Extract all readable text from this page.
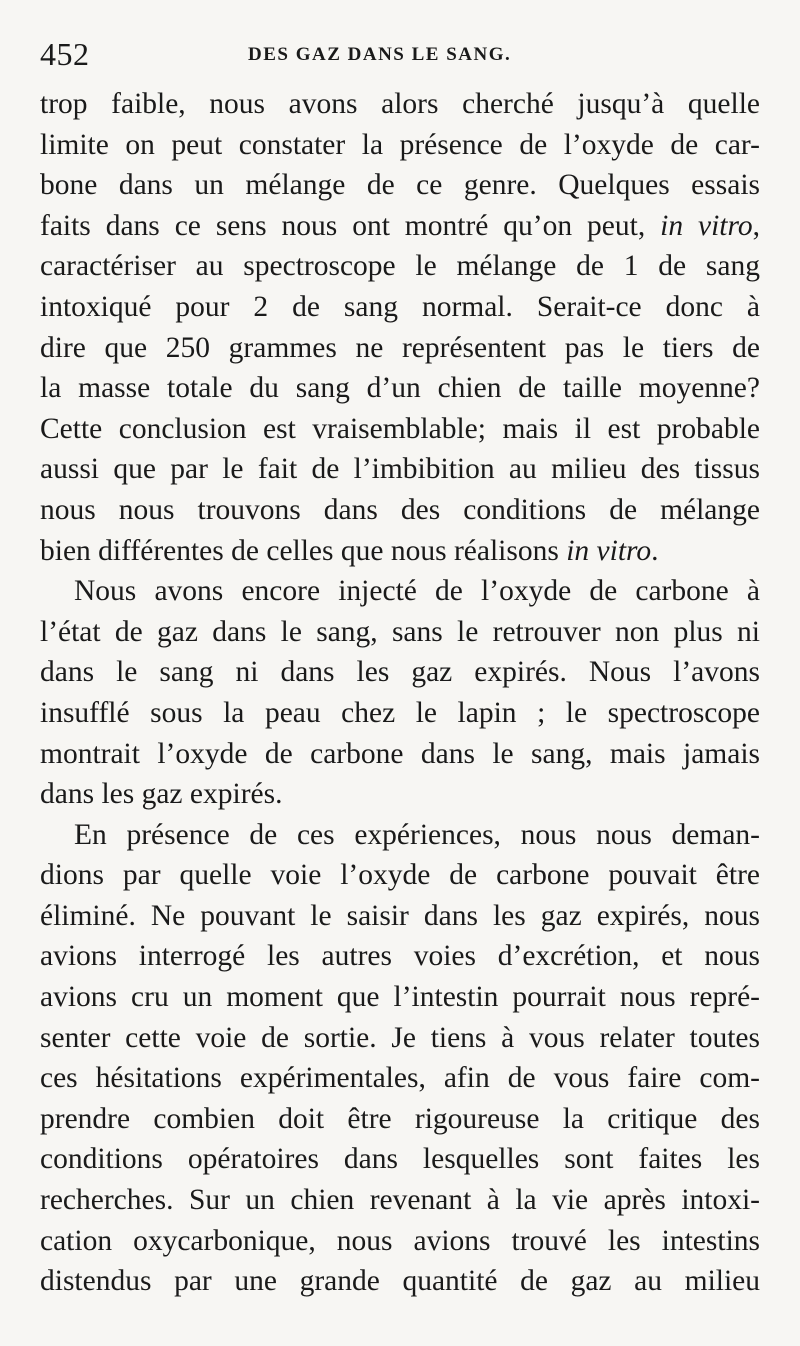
452	DES GAZ DANS LE SANG.
trop faible, nous avons alors cherché jusqu’à quelle
limite on peut constater la présence de l’oxyde de car-
bone dans un mélange de ce genre. Quelques essais
faits dans ce sens nous ont montré qu’on peut, in vitro,
caractériser au spectroscope le mélange de 1 de sang
intoxiqué pour 2 de sang normal. Serait-ce donc à
dire que 250 grammes ne représentent pas le tiers de
la masse totale du sang d’un chien de taille moyenne?
Cette conclusion est vraisemblable; mais il est probable
aussi que par le fait de l’imbibition au milieu des tissus
nous nous trouvons dans des conditions de mélange
bien différentes de celles que nous réalisons in vitro.
Nous avons encore injecté de l’oxyde de carbone à
l’état de gaz dans le sang, sans le retrouver non plus ni
dans le sang ni dans les gaz expirés. Nous l’avons
insufflé sous la peau chez le lapin ; le spectroscope
montrait l’oxyde de carbone dans le sang, mais jamais
dans les gaz expirés.
En présence de ces expériences, nous nous deman-
dions par quelle voie l’oxyde de carbone pouvait être
éliminé. Ne pouvant le saisir dans les gaz expirés, nous
avions interrogé les autres voies d’excrétion, et nous
avions cru un moment que l’intestin pourrait nous repré-
senter cette voie de sortie. Je tiens à vous relater toutes
ces hésitations expérimentales, afin de vous faire com-
prendre combien doit être rigoureuse la critique des
conditions opératoires dans lesquelles sont faites les
recherches. Sur un chien revenant à la vie après intoxi-
cation oxycarbonique, nous avions trouvé les intestins
distendus par une grande quantité de gaz au milieu
